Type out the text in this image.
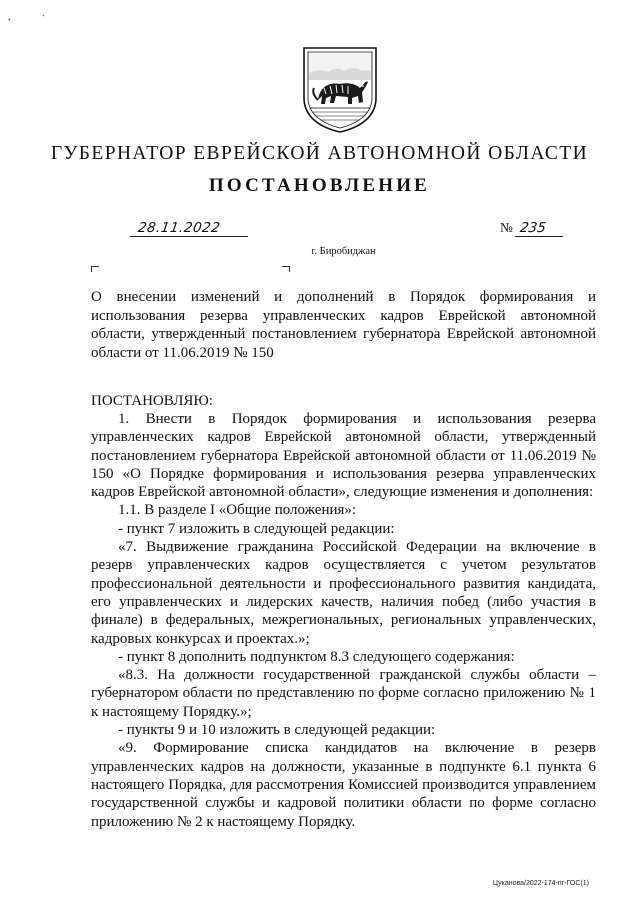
ГУБЕРНАТОР ЕВРЕЙСКОЙ АВТОНОМНОЙ ОБЛАСТИ
ПОСТАНОВЛЕНИЕ
28.11.2022	№ 235
г. Биробиджан
О внесении изменений и дополнений в Порядок формирования и использования резерва управленческих кадров Еврейской автономной области, утвержденный постановлением губернатора Еврейской автономной области от 11.06.2019 № 150
ПОСТАНОВЛЯЮ:

1. Внести в Порядок формирования и использования резерва управленческих кадров Еврейской автономной области, утвержденный постановлением губернатора Еврейской автономной области от 11.06.2019 № 150 «О Порядке формирования и использования резерва управленческих кадров Еврейской автономной области», следующие изменения и дополнения:

1.1. В разделе I «Общие положения»:

- пункт 7 изложить в следующей редакции:

«7. Выдвижение гражданина Российской Федерации на включение в резерв управленческих кадров осуществляется с учетом результатов профессиональной деятельности и профессионального развития кандидата, его управленческих и лидерских качеств, наличия побед (либо участия в финале) в федеральных, межрегиональных, региональных управленческих, кадровых конкурсах и проектах.»;

- пункт 8 дополнить подпунктом 8.3 следующего содержания:

«8.3. На должности государственной гражданской службы области – губернатором области по представлению по форме согласно приложению № 1 к настоящему Порядку.»;

- пункты 9 и 10 изложить в следующей редакции:

«9. Формирование списка кандидатов на включение в резерв управленческих кадров на должности, указанные в подпункте 6.1 пункта 6 настоящего Порядка, для рассмотрения Комиссией производится управлением государственной службы и кадровой политики области по форме согласно приложению № 2 к настоящему Порядку.

Цуканова/2022-174-пг-ГОС(1)
